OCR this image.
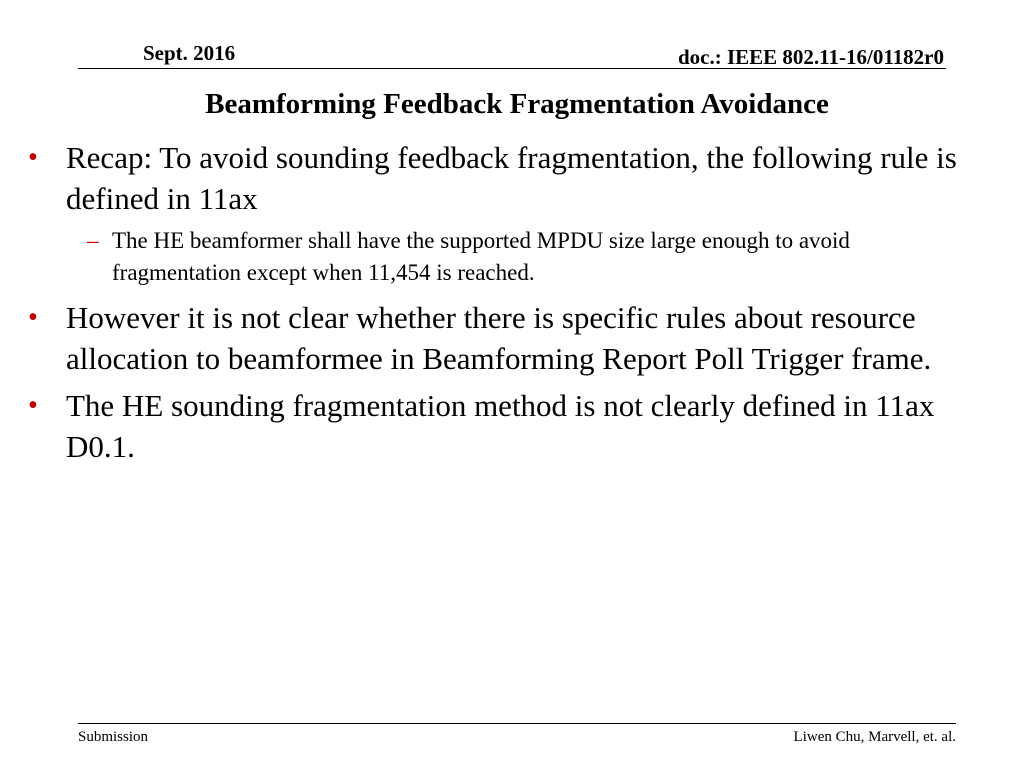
Sept. 2016	doc.: IEEE 802.11-16/01182r0
Beamforming Feedback Fragmentation Avoidance
• Recap: To avoid sounding feedback fragmentation, the following rule is defined in 11ax
– The HE beamformer shall have the supported MPDU size large enough to avoid fragmentation except when 11,454 is reached.
• However it is not clear whether there is specific rules about resource allocation to beamformee in Beamforming Report Poll Trigger frame.
• The HE sounding fragmentation method is not clearly defined in 11ax D0.1.
Submission	Liwen Chu, Marvell, et. al.
